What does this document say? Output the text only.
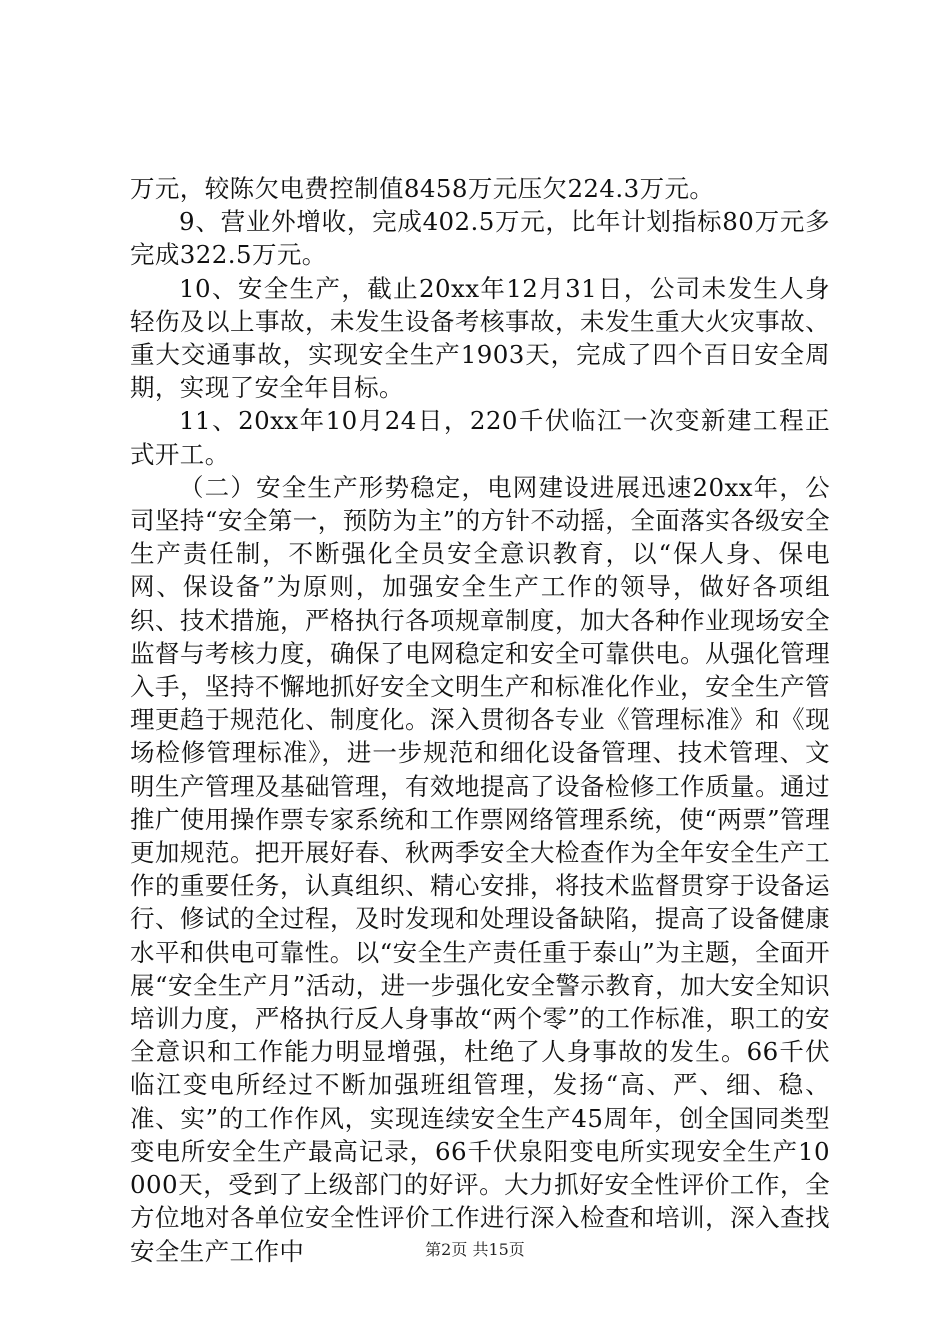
万元，较陈欠电费控制值8458万元压欠224.3万元。

9、营业外增收，完成402.5万元，比年计划指标80万元多完成322.5万元。

10、安全生产，截止20xx年12月31日，公司未发生人身轻伤及以上事故，未发生设备考核事故，未发生重大火灾事故、重大交通事故，实现安全生产1903天，完成了四个百日安全周期，实现了安全年目标。

11、20xx年10月24日，220千伏临江一次变新建工程正式开工。

（二）安全生产形势稳定，电网建设进展迅速20xx年，公司坚持“安全第一，预防为主”的方针不动摇，全面落实各级安全生产责任制，不断强化全员安全意识教育，以“保人身、保电网、保设备”为原则，加强安全生产工作的领导，做好各项组织、技术措施，严格执行各项规章制度，加大各种作业现场安全监督与考核力度，确保了电网稳定和安全可靠供电。从强化管理入手，坚持不懈地抓好安全文明生产和标准化作业，安全生产管理更趋于规范化、制度化。深入贯彻各专业《管理标准》和《现场检修管理标准》，进一步规范和细化设备管理、技术管理、文明生产管理及基础管理，有效地提高了设备检修工作质量。通过推广使用操作票专家系统和工作票网络管理系统，使“两票”管理更加规范。把开展好春、秋两季安全大检查作为全年安全生产工作的重要任务，认真组织、精心安排，将技术监督贯穿于设备运行、修试的全过程，及时发现和处理设备缺陷，提高了设备健康水平和供电可靠性。以“安全生产责任重于泰山”为主题，全面开展“安全生产月”活动，进一步强化安全警示教育，加大安全知识培训力度，严格执行反人身事故“两个零”的工作标准，职工的安全意识和工作能力明显增强，杜绝了人身事故的发生。66千伏临江变电所经过不断加强班组管理，发扬“高、严、细、稳、准、实”的工作作风，实现连续安全生产45周年，创全国同类型变电所安全生产最高记录，66千伏泉阳变电所实现安全生产10000天，受到了上级部门的好评。大力抓好安全性评价工作，全方位地对各单位安全性评价工作进行深入检查和培训，深入查找安全生产工作中	第2页 共15页
